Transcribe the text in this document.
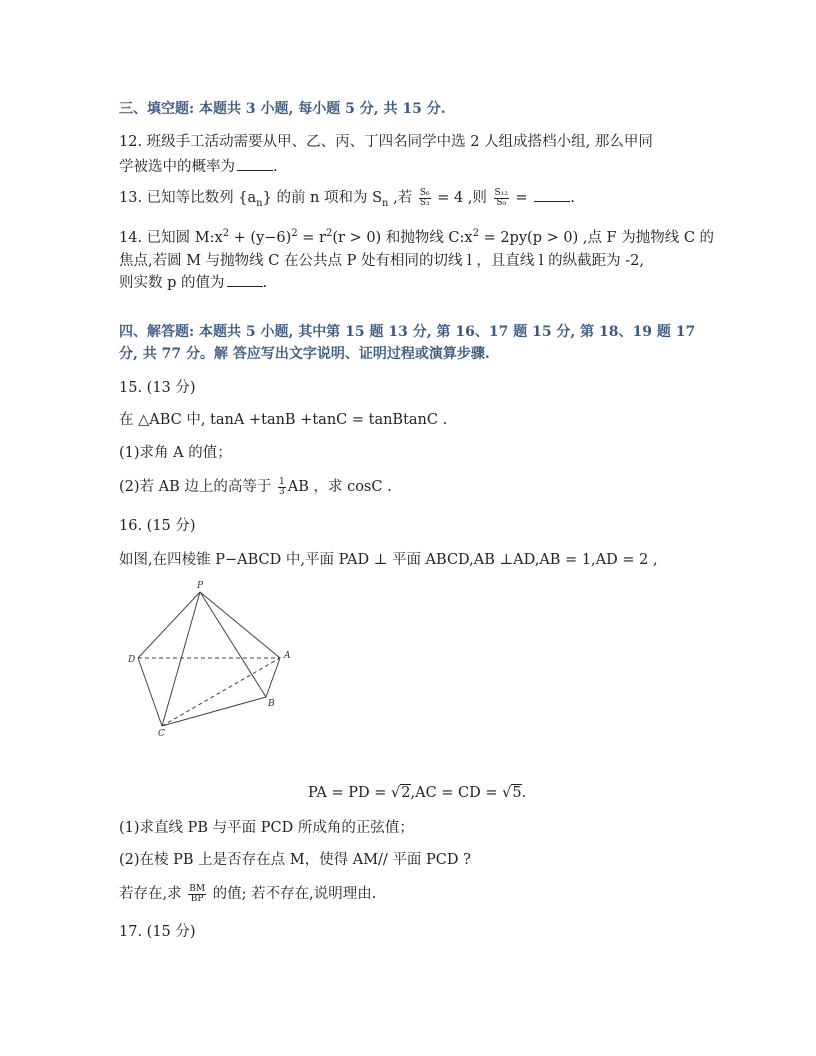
三、填空题: 本题共 3 小题, 每小题 5 分, 共 15 分.
12. 班级手工活动需要从甲、乙、丙、丁四名同学中选 2 人组成搭档小组, 那么甲同
学被选中的概率为	.
13. 已知等比数列 $\{a_n\}$ 的前 n 项和为 $S_n$ ,若 $\frac{\text{S₆}}{\text{S₃}} = 4$ ,则 $\frac{\text{S₁₂}}{\text{S₉}}$ =	.
14. 已知圆 $M:x^2 + (y-6)^2 = r^2(r > 0)$ 和抛物线 $C:x^2 = 2py(p > 0)$ ,点 F 为抛物线 C 的
焦点,若圆 M 与抛物线 C 在公共点 P 处有相同的切线 l ，且直线 l 的纵截距为 -2,
则实数 p 的值为	.
四、解答题: 本题共 5 小题, 其中第 15 题 13 分, 第 16、17 题 15 分, 第 18、19 题 17
分, 共 77 分。解 答应写出文字说明、证明过程或演算步骤.
15. (13 分)
在 △ABC 中, tanA +tanB +tanC = tanBtanC .
(1)求角 A 的值；
(2)若 AB 边上的高等于 $\frac{1}{3}$ AB ，求 cosC .
16. (15 分)
如图,在四棱锥 P−ABCD 中,平面 PAD ⊥ 平面 ABCD,AB ⊥AD,AB = 1,AD = 2 ,
P
D	A
B
C
PA = PD = √2,AC = CD = √5.
(1)求直线 PB 与平面 PCD 所成角的正弦值；
(2)在棱 PB 上是否存在点 M，使得 AM// 平面 PCD ?
若存在,求 $\frac{BM}{BP}$ 的值; 若不存在,说明理由.
17. (15 分)
